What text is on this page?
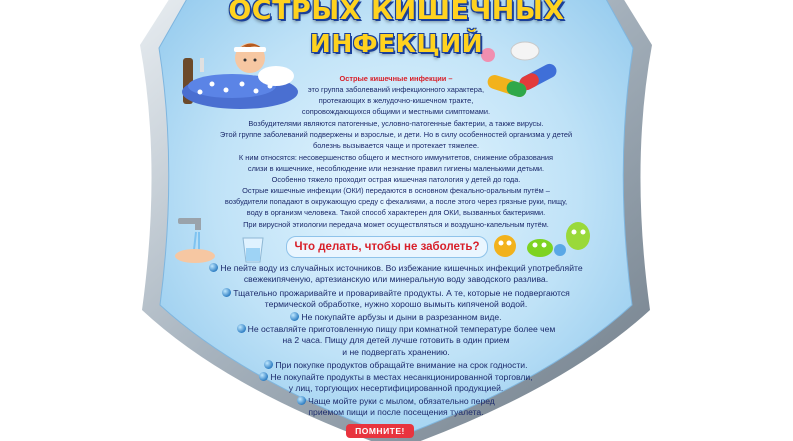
ОСТРЫХ КИШЕЧНЫХ
ИНФЕКЦИЙ
Острые кишечные инфекции –
это группа заболеваний инфекционного характера,
протекающих в желудочно-кишечном тракте,
сопровождающихся общими и местными симптомами.
Возбудителями являются патогенные, условно-патогенные бактерии, а также вирусы.
Этой группе заболеваний подвержены и взрослые, и дети. Но в силу особенностей организма у детей
болезнь вызывается чаще и протекает тяжелее.
К ним относятся: несовершенство общего и местного иммунитетов, снижение образования
слизи в кишечнике, несоблюдение или незнание правил гигиены маленькими детьми.
Особенно тяжело проходит острая кишечная патология у детей до года.
Острые кишечные инфекции (ОКИ) передаются в основном фекально-оральным путём –
возбудители попадают в окружающую среду с фекалиями, а после этого через грязные руки, пищу,
воду в организм человека. Такой способ характерен для ОКИ, вызванных бактериями.
При вирусной этиологии передача может осуществляться и воздушно-капельным путём.
Что делать, чтобы не заболеть?
Не пейте воду из случайных источников. Во избежание кишечных инфекций употребляйте
свежекипяченую, артезианскую или минеральную воду заводского разлива.
Тщательно прожаривайте и проваривайте продукты. А те, которые не подвергаются
термической обработке, нужно хорошо вымыть кипяченой водой.
Не покупайте арбузы и дыни в разрезанном виде.
Не оставляйте приготовленную пищу при комнатной температуре более чем
на 2 часа. Пищу для детей лучше готовить в один прием
и не подвергать хранению.
При покупке продуктов обращайте внимание на срок годности.
Не покупайте продукты в местах несанкционированной торговли,
у лиц, торгующих несертифицированной продукцией.
Чаще мойте руки с мылом, обязательно перед
приемом пищи и после посещения туалета.
ПОМНИТЕ!
